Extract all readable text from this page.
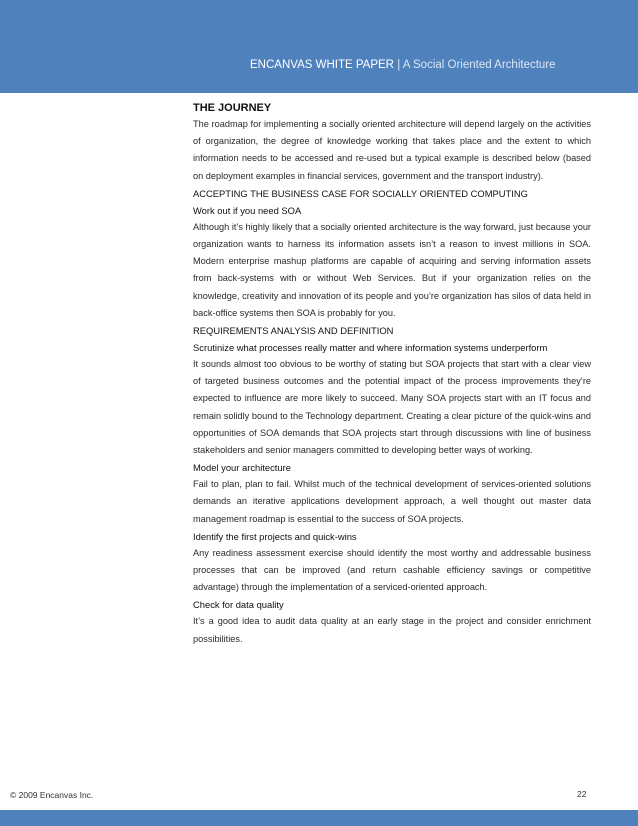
ENCANVAS WHITE PAPER | A Social Oriented Architecture

THE JOURNEY

The roadmap for implementing a socially oriented architecture will depend largely on the activities of organization, the degree of knowledge working that takes place and the extent to which information needs to be accessed and re-used but a typical example is described below (based on deployment examples in financial services, government and the transport industry).

ACCEPTING THE BUSINESS CASE FOR SOCIALLY ORIENTED COMPUTING

Work out if you need SOA

Although it’s highly likely that a socially oriented architecture is the way forward, just because your organization wants to harness its information assets isn’t a reason to invest millions in SOA. Modern enterprise mashup platforms are capable of acquiring and serving information assets from back-systems with or without Web Services. But if your organization relies on the knowledge, creativity and innovation of its people and you’re organization has silos of data held in back-office systems then SOA is probably for you.

REQUIREMENTS ANALYSIS AND DEFINITION

Scrutinize what processes really matter and where information systems underperform

It sounds almost too obvious to be worthy of stating but SOA projects that start with a clear view of targeted business outcomes and the potential impact of the process improvements they’re expected to influence are more likely to succeed. Many SOA projects start with an IT focus and remain solidly bound to the Technology department. Creating a clear picture of the quick-wins and opportunities of SOA demands that SOA projects start through discussions with line of business stakeholders and senior managers committed to developing better ways of working.

Model your architecture

Fail to plan, plan to fail. Whilst much of the technical development of services-oriented solutions demands an iterative applications development approach, a well thought out master data management roadmap is essential to the success of SOA projects.

Identify the first projects and quick-wins

Any readiness assessment exercise should identify the most worthy and addressable business processes that can be improved (and return cashable efficiency savings or competitive advantage) through the implementation of a serviced-oriented approach.

Check for data quality

It’s a good idea to audit data quality at an early stage in the project and consider enrichment possibilities.

© 2009 Encanvas Inc.	22
